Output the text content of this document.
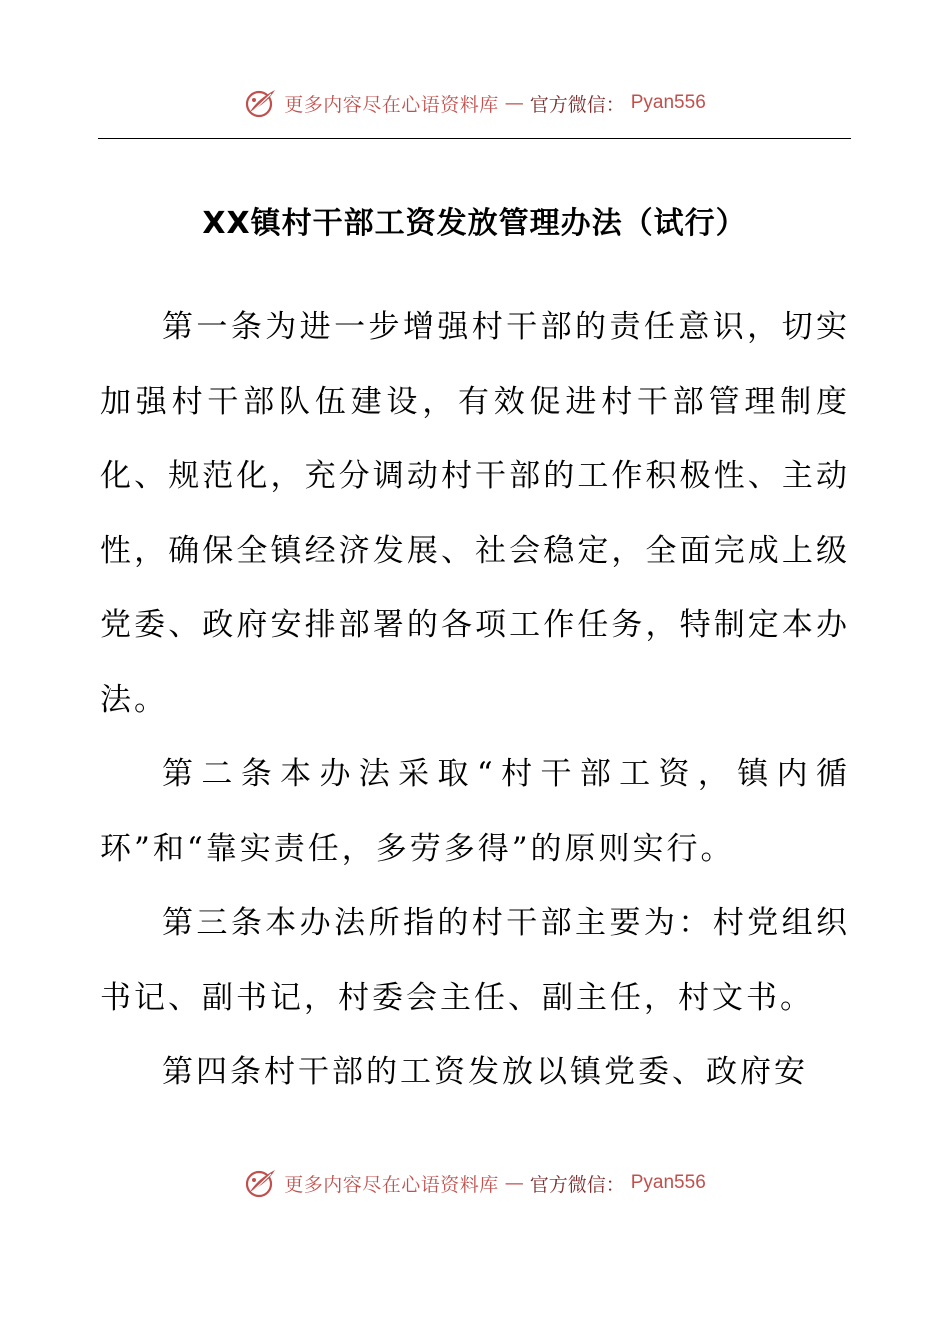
更多内容尽在心语资料库 — 官方微信： Pyan556
XX镇村干部工资发放管理办法（试行）

第一条为进一步增强村干部的责任意识，切实加强村干部队伍建设，有效促进村干部管理制度化、规范化，充分调动村干部的工作积极性、主动性，确保全镇经济发展、社会稳定，全面完成上级党委、政府安排部署的各项工作任务，特制定本办法。

第二条本办法采取“村干部工资，镇内循环”和“靠实责任，多劳多得”的原则实行。

第三条本办法所指的村干部主要为：村党组织书记、副书记，村委会主任、副主任，村文书。

第四条村干部的工资发放以镇党委、政府安

更多内容尽在心语资料库 — 官方微信： Pyan556
